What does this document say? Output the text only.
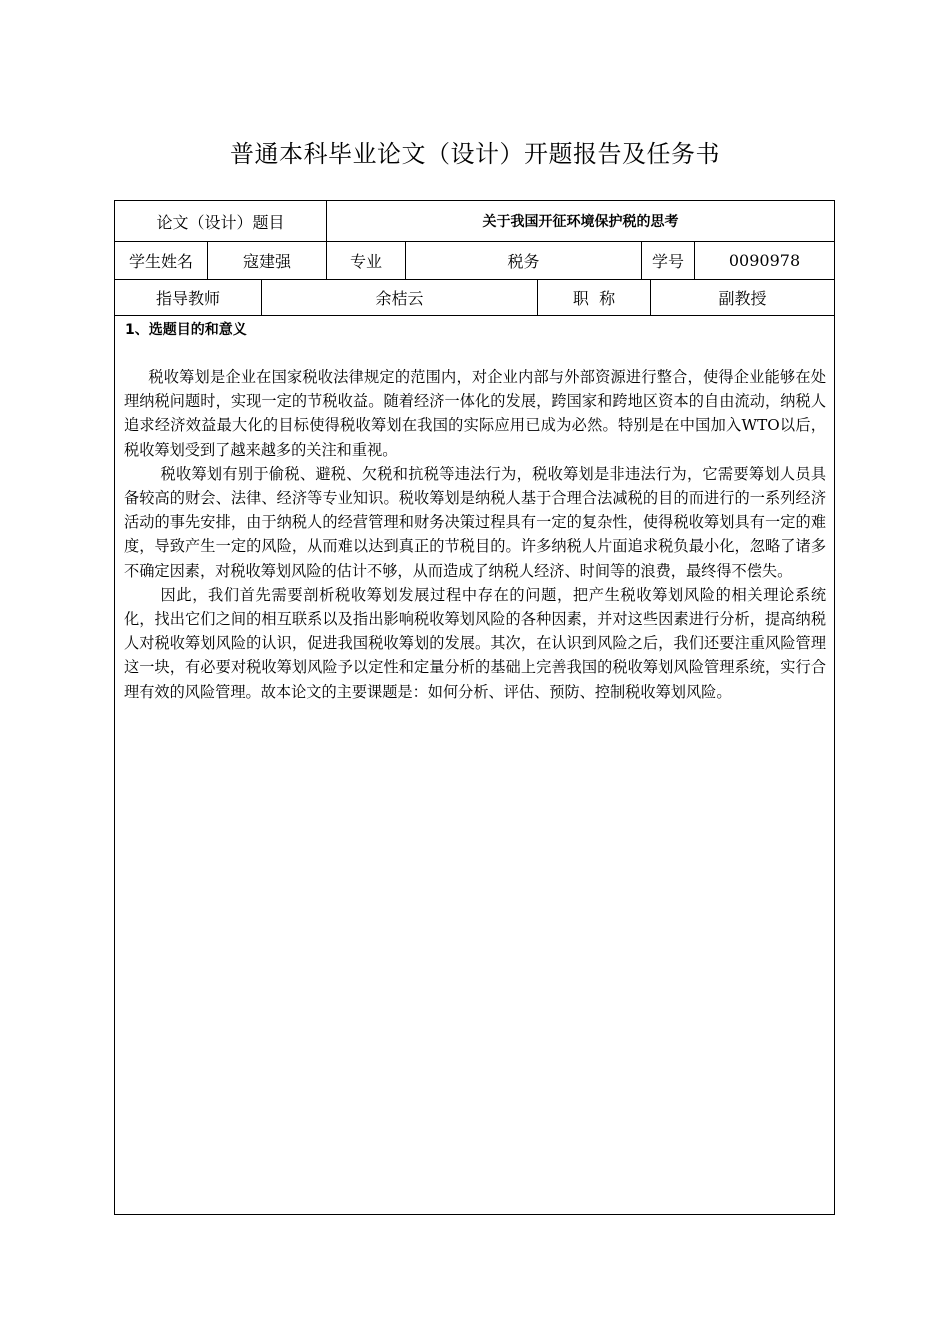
普通本科毕业论文（设计）开题报告及任务书
论文（设计）题目	关于我国开征环境保护税的思考
学生姓名	寇建强	专业	税务	学号	0090978
指导教师	余桔云	职  称	副教授
1、选题目的和意义

税收筹划是企业在国家税收法律规定的范围内，对企业内部与外部资源进行整合，使得企业能够在处理纳税问题时，实现一定的节税收益。随着经济一体化的发展，跨国家和跨地区资本的自由流动，纳税人追求经济效益最大化的目标使得税收筹划在我国的实际应用已成为必然。特别是在中国加入WTO以后，税收筹划受到了越来越多的关注和重视。

税收筹划有别于偷税、避税、欠税和抗税等违法行为，税收筹划是非违法行为，它需要筹划人员具备较高的财会、法律、经济等专业知识。税收筹划是纳税人基于合理合法减税的目的而进行的一系列经济活动的事先安排，由于纳税人的经营管理和财务决策过程具有一定的复杂性，使得税收筹划具有一定的难度，导致产生一定的风险，从而难以达到真正的节税目的。许多纳税人片面追求税负最小化，忽略了诸多不确定因素，对税收筹划风险的估计不够，从而造成了纳税人经济、时间等的浪费，最终得不偿失。

因此，我们首先需要剖析税收筹划发展过程中存在的问题，把产生税收筹划风险的相关理论系统化，找出它们之间的相互联系以及指出影响税收筹划风险的各种因素，并对这些因素进行分析，提高纳税人对税收筹划风险的认识，促进我国税收筹划的发展。其次，在认识到风险之后，我们还要注重风险管理这一块，有必要对税收筹划风险予以定性和定量分析的基础上完善我国的税收筹划风险管理系统，实行合理有效的风险管理。故本论文的主要课题是：如何分析、评估、预防、控制税收筹划风险。
